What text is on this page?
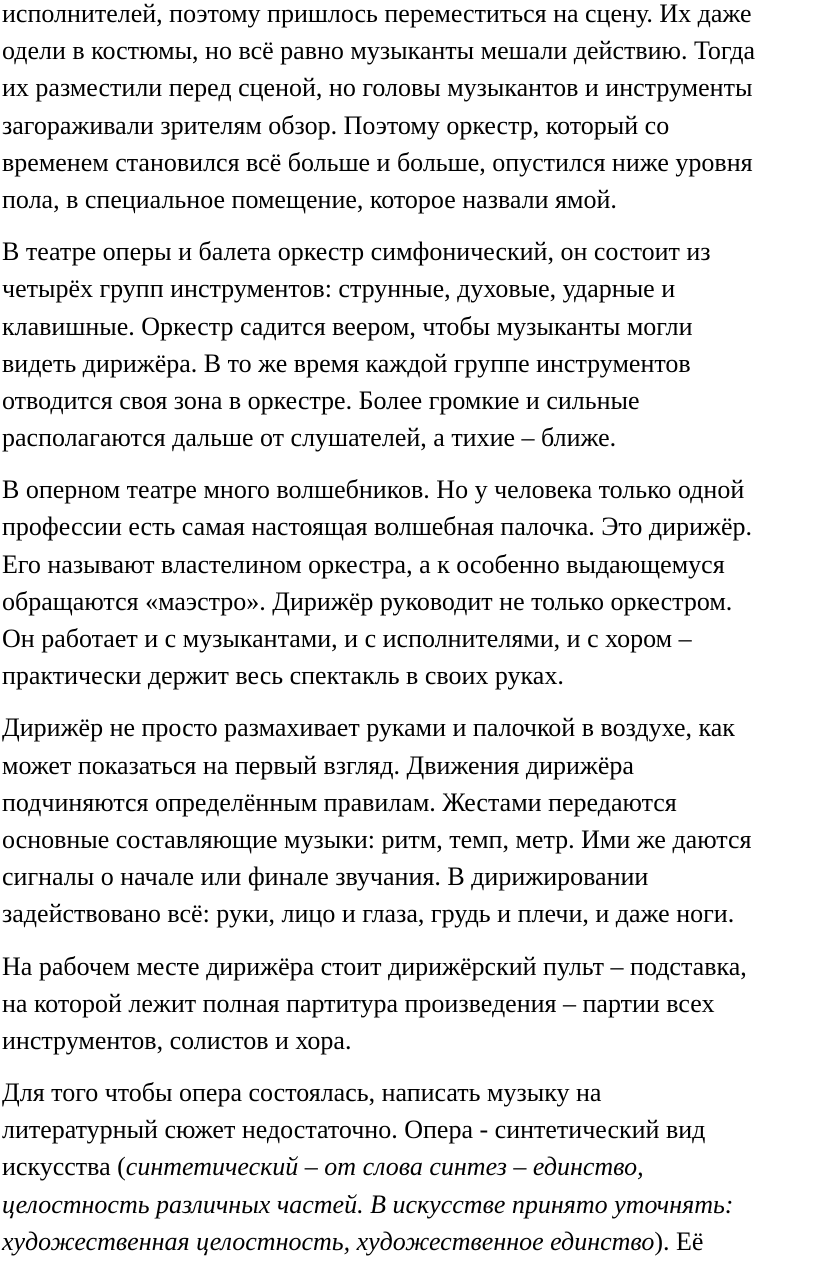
исполнителей, поэтому пришлось переместиться на сцену. Их даже
одели в костюмы, но всё равно музыканты мешали действию. Тогда
их разместили перед сценой, но головы музыкантов и инструменты
загораживали зрителям обзор. Поэтому оркестр, который со
временем становился всё больше и больше, опустился ниже уровня
пола, в специальное помещение, которое назвали ямой.
В театре оперы и балета оркестр симфонический, он состоит из
четырёх групп инструментов: струнные, духовые, ударные и
клавишные. Оркестр садится веером, чтобы музыканты могли
видеть дирижёра. В то же время каждой группе инструментов
отводится своя зона в оркестре. Более громкие и сильные
располагаются дальше от слушателей, а тихие – ближе.
В оперном театре много волшебников. Но у человека только одной
профессии есть самая настоящая волшебная палочка. Это дирижёр.
Его называют властелином оркестра, а к особенно выдающемуся
обращаются «маэстро». Дирижёр руководит не только оркестром.
Он работает и с музыкантами, и с исполнителями, и с хором –
практически держит весь спектакль в своих руках.
Дирижёр не просто размахивает руками и палочкой в воздухе, как
может показаться на первый взгляд. Движения дирижёра
подчиняются определённым правилам. Жестами передаются
основные составляющие музыки: ритм, темп, метр. Ими же даются
сигналы о начале или финале звучания. В дирижировании
задействовано всё: руки, лицо и глаза, грудь и плечи, и даже ноги.
На рабочем месте дирижёра стоит дирижёрский пульт – подставка,
на которой лежит полная партитура произведения – партии всех
инструментов, солистов и хора.
Для того чтобы опера состоялась, написать музыку на
литературный сюжет недостаточно. Опера - синтетический вид
искусства (синтетический – от слова синтез – единство,
целостность различных частей. В искусстве принято уточнять:
художественная целостность, художественное единство). Её
